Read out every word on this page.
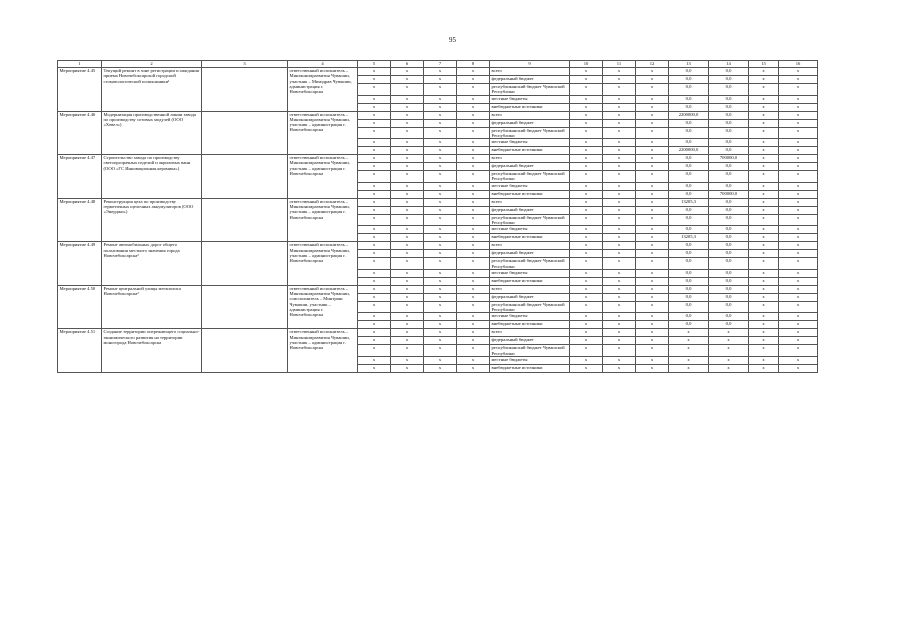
95
1	2	3	4	5	6	7	8	9	10	11	12	13	14	15	16
Мероприятие 4.45	Текущий ремонт в зоне регистрации и ожидания приема Новочебоксарской городской стоматологической поликлиники¹		ответственный исполнитель – Минэкономразвития Чувашии, участник – Минздрав Чувашии, администрация г. Новочебоксарска	x	x	x	x	всего	x	x	x	0,0	0,0	x	x
				x	x	x	x	федеральный бюджет	x	x	x	0,0	0,0	x	x
				x	x	x	x	республиканский бюджет Чувашской Республики	x	x	x	0,0	0,0	x	x
				x	x	x	x	местные бюджеты	x	x	x	0,0	0,0	x	x
				x	x	x	x	внебюджетные источники	x	x	x	0,0	0,0	x	x
Мероприятие 4.46	Модернизация производственной линии завода по производству сотовых модулей (ООО «Хевел»)		ответственный исполнитель – Минэкономразвития Чувашии, участник – администрация г. Новочебоксарска	x	x	x	x	всего	x	x	x	2200000,0	0,0	x	x
				x	x	x	x	федеральный бюджет	x	x	x	0,0	0,0	x	x
				x	x	x	x	республиканский бюджет Чувашской Республики	x	x	x	0,0	0,0	x	x
				x	x	x	x	местные бюджеты	x	x	x	0,0	0,0	x	x
				x	x	x	x	внебюджетные источники	x	x	x	2200000,0	0,0	x	x
Мероприятие 4.47	Строительство завода по производству светопрозрачных изделий и акриловых ванн (ООО «ГС Инновационная керамика»)		ответственный исполнитель – Минэкономразвития Чувашии, участник – администрация г. Новочебоксарска	x	x	x	x	всего	x	x	x	0,0	700000,0	x	x
				x	x	x	x	федеральный бюджет	x	x	x	0,0	0,0	x	x
				x	x	x	x	республиканский бюджет Чувашской Республики	x	x	x	0,0	0,0	x	x
				x	x	x	x	местные бюджеты	x	x	x	0,0	0,0	x	x
				x	x	x	x	внебюджетные источники	x	x	x	0,0	700000,0	x	x
Мероприятие 4.48	Реконструкция цеха по производству герметичных щелочных аккумуляторов (ООО «Энерджи»)		ответственный исполнитель – Минэкономразвития Чувашии, участник – администрация г. Новочебоксарска	x	x	x	x	всего	x	x	x	13205,3	0,0	x	x
				x	x	x	x	федеральный бюджет	x	x	x	0,0	0,0	x	x
				x	x	x	x	республиканский бюджет Чувашской Республики	x	x	x	0,0	0,0	x	x
				x	x	x	x	местные бюджеты	x	x	x	0,0	0,0	x	x
				x	x	x	x	внебюджетные источники	x	x	x	13205,3	0,0	x	x
Мероприятие 4.49	Ремонт автомобильных дорог общего пользования местного значения города Новочебоксарска²		ответственный исполнитель – Минэкономразвития Чувашии, участник – администрация г. Новочебоксарска	x	x	x	x	всего	x	x	x	0,0	0,0	x	x
				x	x	x	x	федеральный бюджет	x	x	x	0,0	0,0	x	x
				x	x	x	x	республиканский бюджет Чувашской Республики	x	x	x	0,0	0,0	x	x
				x	x	x	x	местные бюджеты	x	x	x	0,0	0,0	x	x
				x	x	x	x	внебюджетные источники	x	x	x	0,0	0,0	x	x
Мероприятие 4.50	Ремонт центральной улицы мегаполиса Новочебоксарска²		ответственный исполнитель – Минэкономразвития Чувашии, соисполнитель – Минтранс Чувашии, участник – администрация г. Новочебоксарска	x	x	x	x	всего	x	x	x	0,0	0,0	x	x
				x	x	x	x	федеральный бюджет	x	x	x	0,0	0,0	x	x
				x	x	x	x	республиканский бюджет Чувашской Республики	x	x	x	0,0	0,0	x	x
				x	x	x	x	местные бюджеты	x	x	x	0,0	0,0	x	x
				x	x	x	x	внебюджетные источники	x	x	x	0,0	0,0	x	x
Мероприятие 4.51	Создание территории опережающего социально-экономического развития на территории моногорода Новочебоксарска		ответственный исполнитель – Минэкономразвития Чувашии, участник – администрация г. Новочебоксарска	x	x	x	x	всего	x	x	x	x	x	x	x
				x	x	x	x	федеральный бюджет	x	x	x	x	x	x	x
				x	x	x	x	республиканский бюджет Чувашской Республики	x	x	x	x	x	x	x
				x	x	x	x	местные бюджеты	x	x	x	x	x	x	x
				x	x	x	x	внебюджетные источники	x	x	x	x	x	x	x
